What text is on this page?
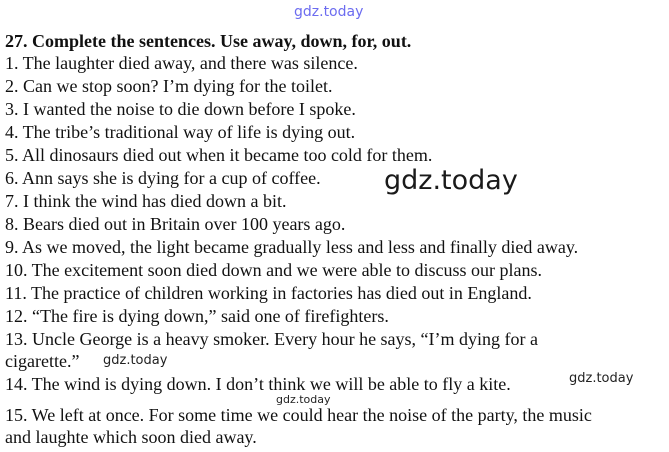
gdz.today
27. Complete the sentences. Use away, down, for, out.
1. The laughter died away, and there was silence.
2. Can we stop soon? I’m dying for the toilet.
3. I wanted the noise to die down before I spoke.
4. The tribe’s traditional way of life is dying out.
5. All dinosaurs died out when it became too cold for them.
6. Ann says she is dying for a cup of coffee.
7. I think the wind has died down a bit.
8. Bears died out in Britain over 100 years ago.
9. As we moved, the light became gradually less and less and finally died away.
10. The excitement soon died down and we were able to discuss our plans.
11. The practice of children working in factories has died out in England.
12. “The fire is dying down,” said one of firefighters.
13. Uncle George is a heavy smoker. Every hour he says, “I’m dying for a
cigarette.”
14. The wind is dying down. I don’t think we will be able to fly a kite.
15. We left at once. For some time we could hear the noise of the party, the music
and laughte which soon died away.
gdz.today
gdz.today
gdz.today
gdz.today
